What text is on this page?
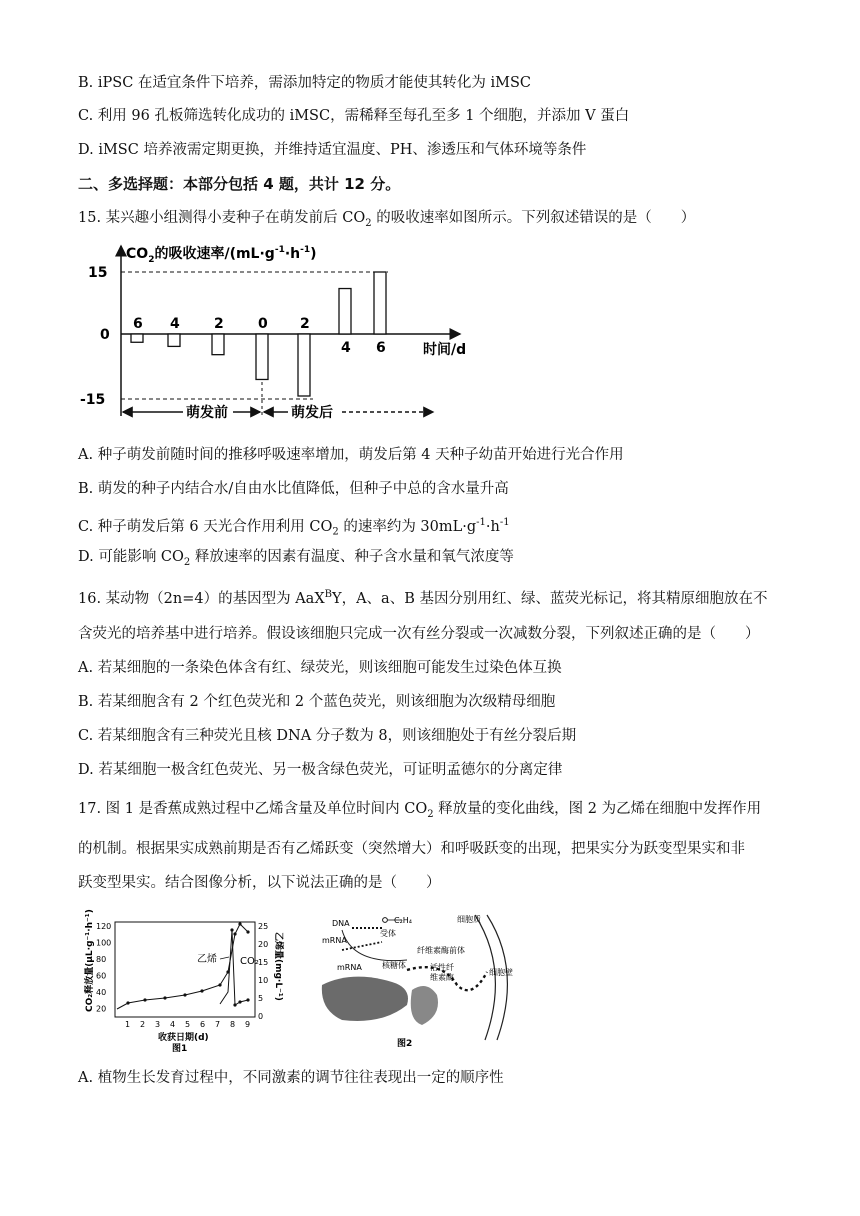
B. iPSC 在适宜条件下培养，需添加特定的物质才能使其转化为 iMSC
C. 利用 96 孔板筛选转化成功的 iMSC，需稀释至每孔至多 1 个细胞，并添加 V 蛋白
D. iMSC 培养液需定期更换，并维持适宜温度、PH、渗透压和气体环境等条件
二、多选择题：本部分包括 4 题，共计 12 分。
15. 某兴趣小组测得小麦种子在萌发前后 $CO_2$ 的吸收速率如图所示。下列叙述错误的是（　　）
$CO_2$的吸收速率$/(mL\cdot g^{-1}\cdot h^{-1})$
15
0
-15
6 4 2 0 2
4 6	时间/d
萌发前	萌发后
A. 种子萌发前随时间的推移呼吸速率增加，萌发后第 4 天种子幼苗开始进行光合作用
B. 萌发的种子内结合水/自由水比值降低，但种子中总的含水量升高
C. 种子萌发后第 6 天光合作用利用 $CO_2$ 的速率约为 $30mL\cdot g^{-1}\cdot h^{-1}$
D. 可能影响 $CO_2$ 释放速率的因素有温度、种子含水量和氧气浓度等
16. 某动物（2n=4）的基因型为 AaX$^B$Y，A、a、B 基因分别用红、绿、蓝荧光标记，将其精原细胞放在不
含荧光的培养基中进行培养。假设该细胞只完成一次有丝分裂或一次减数分裂，下列叙述正确的是（　　）
A. 若某细胞的一条染色体含有红、绿荧光，则该细胞可能发生过染色体互换
B. 若某细胞含有 2 个红色荧光和 2 个蓝色荧光，则该细胞为次级精母细胞
C. 若某细胞含有三种荧光且核 DNA 分子数为 8，则该细胞处于有丝分裂后期
D. 若某细胞一极含红色荧光、另一极含绿色荧光，可证明孟德尔的分离定律
17. 图 1 是香蕉成熟过程中乙烯含量及单位时间内 $CO_2$ 释放量的变化曲线，图 2 为乙烯在细胞中发挥作用
的机制。根据果实成熟前期是否有乙烯跃变（突然增大）和呼吸跃变的出现，把果实分为跃变型果实和非
跃变型果实。结合图像分析，以下说法正确的是（　　）
CO₂释放量(μL·g⁻¹·h⁻¹)	乙烯量(mg·L⁻¹)
120
100
80
60
40
20
25
20
15
10
5
0
1 2 3 4 5 6 7 8 9
乙烯 CO₂
收获日期(d)
图1
C₂H₄
受体
DNA
mRNA
mRNA
细胞质
核糖体
纤维素酶前体
活性纤
维素酶
细胞壁
图2
A. 植物生长发育过程中，不同激素的调节往往表现出一定的顺序性
